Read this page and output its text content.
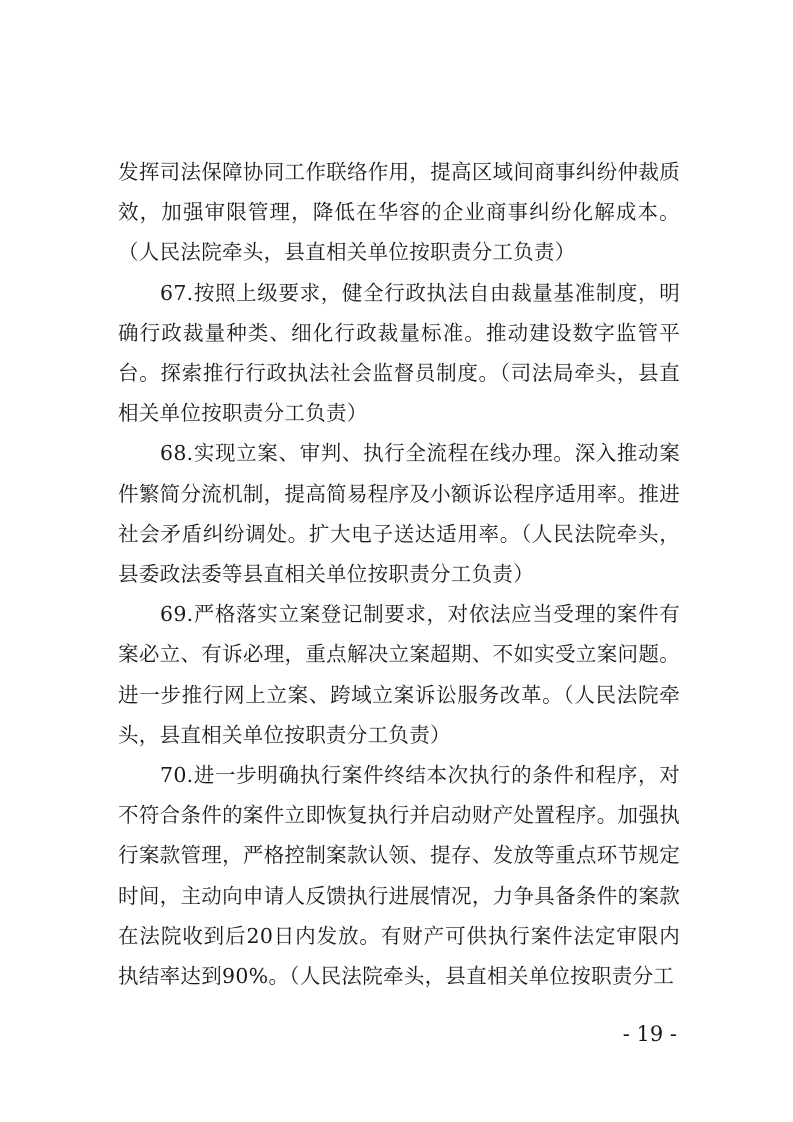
发挥司法保障协同工作联络作用，提高区域间商事纠纷仲裁质效，加强审限管理，降低在华容的企业商事纠纷化解成本。（人民法院牵头，县直相关单位按职责分工负责）

67.按照上级要求，健全行政执法自由裁量基准制度，明确行政裁量种类、细化行政裁量标准。推动建设数字监管平台。探索推行行政执法社会监督员制度。（司法局牵头，县直相关单位按职责分工负责）

68.实现立案、审判、执行全流程在线办理。深入推动案件繁简分流机制，提高简易程序及小额诉讼程序适用率。推进社会矛盾纠纷调处。扩大电子送达适用率。（人民法院牵头，县委政法委等县直相关单位按职责分工负责）

69.严格落实立案登记制要求，对依法应当受理的案件有案必立、有诉必理，重点解决立案超期、不如实受立案问题。进一步推行网上立案、跨域立案诉讼服务改革。（人民法院牵头，县直相关单位按职责分工负责）

70.进一步明确执行案件终结本次执行的条件和程序，对不符合条件的案件立即恢复执行并启动财产处置程序。加强执行案款管理，严格控制案款认领、提存、发放等重点环节规定时间，主动向申请人反馈执行进展情况，力争具备条件的案款在法院收到后20日内发放。有财产可供执行案件法定审限内执结率达到90%。（人民法院牵头，县直相关单位按职责分工

- 19 -
